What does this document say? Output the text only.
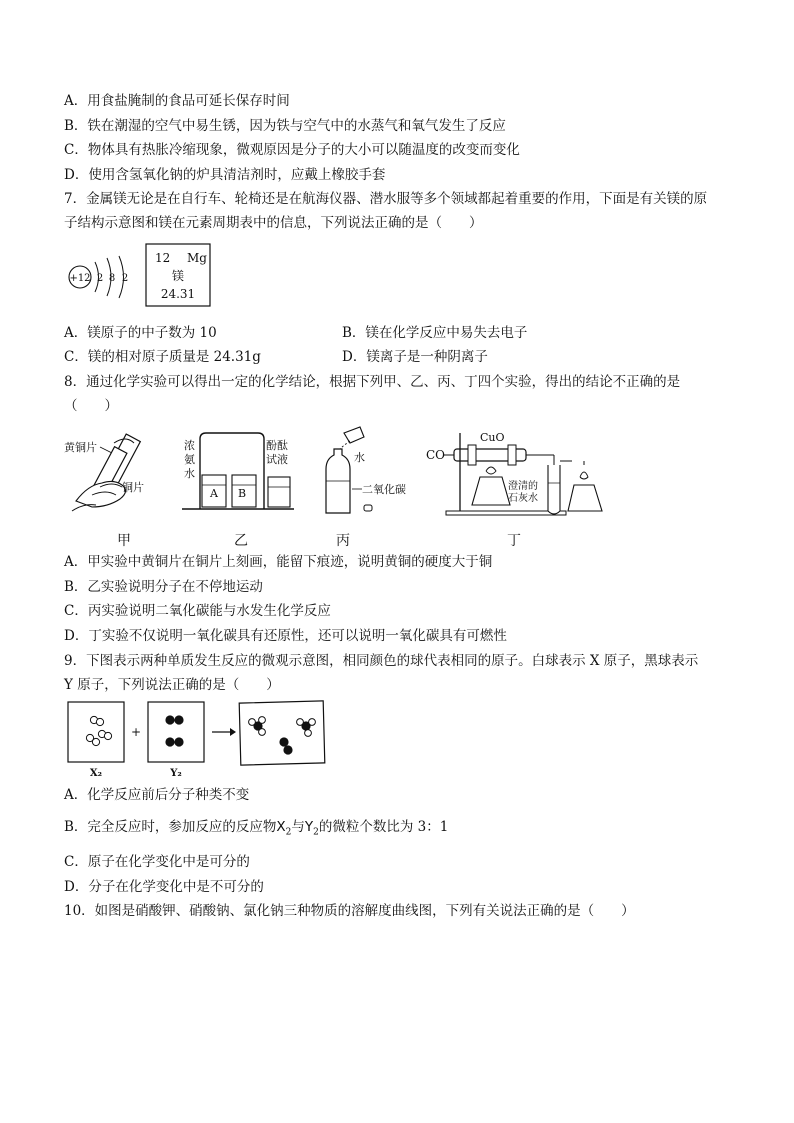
A．用食盐腌制的食品可延长保存时间
B．铁在潮湿的空气中易生锈，因为铁与空气中的水蒸气和氧气发生了反应
C．物体具有热胀冷缩现象，微观原因是分子的大小可以随温度的改变而变化
D．使用含氢氧化钠的炉具清洁剂时，应戴上橡胶手套
7．金属镁无论是在自行车、轮椅还是在航海仪器、潜水服等多个领域都起着重要的作用，下面是有关镁的原
子结构示意图和镁在元素周期表中的信息，下列说法正确的是（　　）
+12 2 8 2
12 Mg
镁
24.31
A．镁原子的中子数为 10	B．镁在化学反应中易失去电子
C．镁的相对原子质量是 24.31g	D．镁离子是一种阴离子
8．通过化学实验可以得出一定的化学结论，根据下列甲、乙、丙、丁四个实验，得出的结论不正确的是
（　　）
黄铜片
铜片
浓
氨
水
A B
酚酞
试液	水
二氧化碳
CO
CuO
澄清的
石灰水
甲	乙	丙	丁
A．甲实验中黄铜片在铜片上刻画，能留下痕迹，说明黄铜的硬度大于铜
B．乙实验说明分子在不停地运动
C．丙实验说明二氧化碳能与水发生化学反应
D．丁实验不仅说明一氧化碳具有还原性，还可以说明一氧化碳具有可燃性
9．下图表示两种单质发生反应的微观示意图，相同颜色的球代表相同的原子。白球表示 X 原子，黑球表示
Y 原子，下列说法正确的是（　　）
X₂
+
Y₂
A．化学反应前后分子种类不变
B．完全反应时，参加反应的反应物$X_2$与$Y_2$的微粒个数比为 3：1
C．原子在化学变化中是可分的
D．分子在化学变化中是不可分的
10．如图是硝酸钾、硝酸钠、氯化钠三种物质的溶解度曲线图，下列有关说法正确的是（　　）
